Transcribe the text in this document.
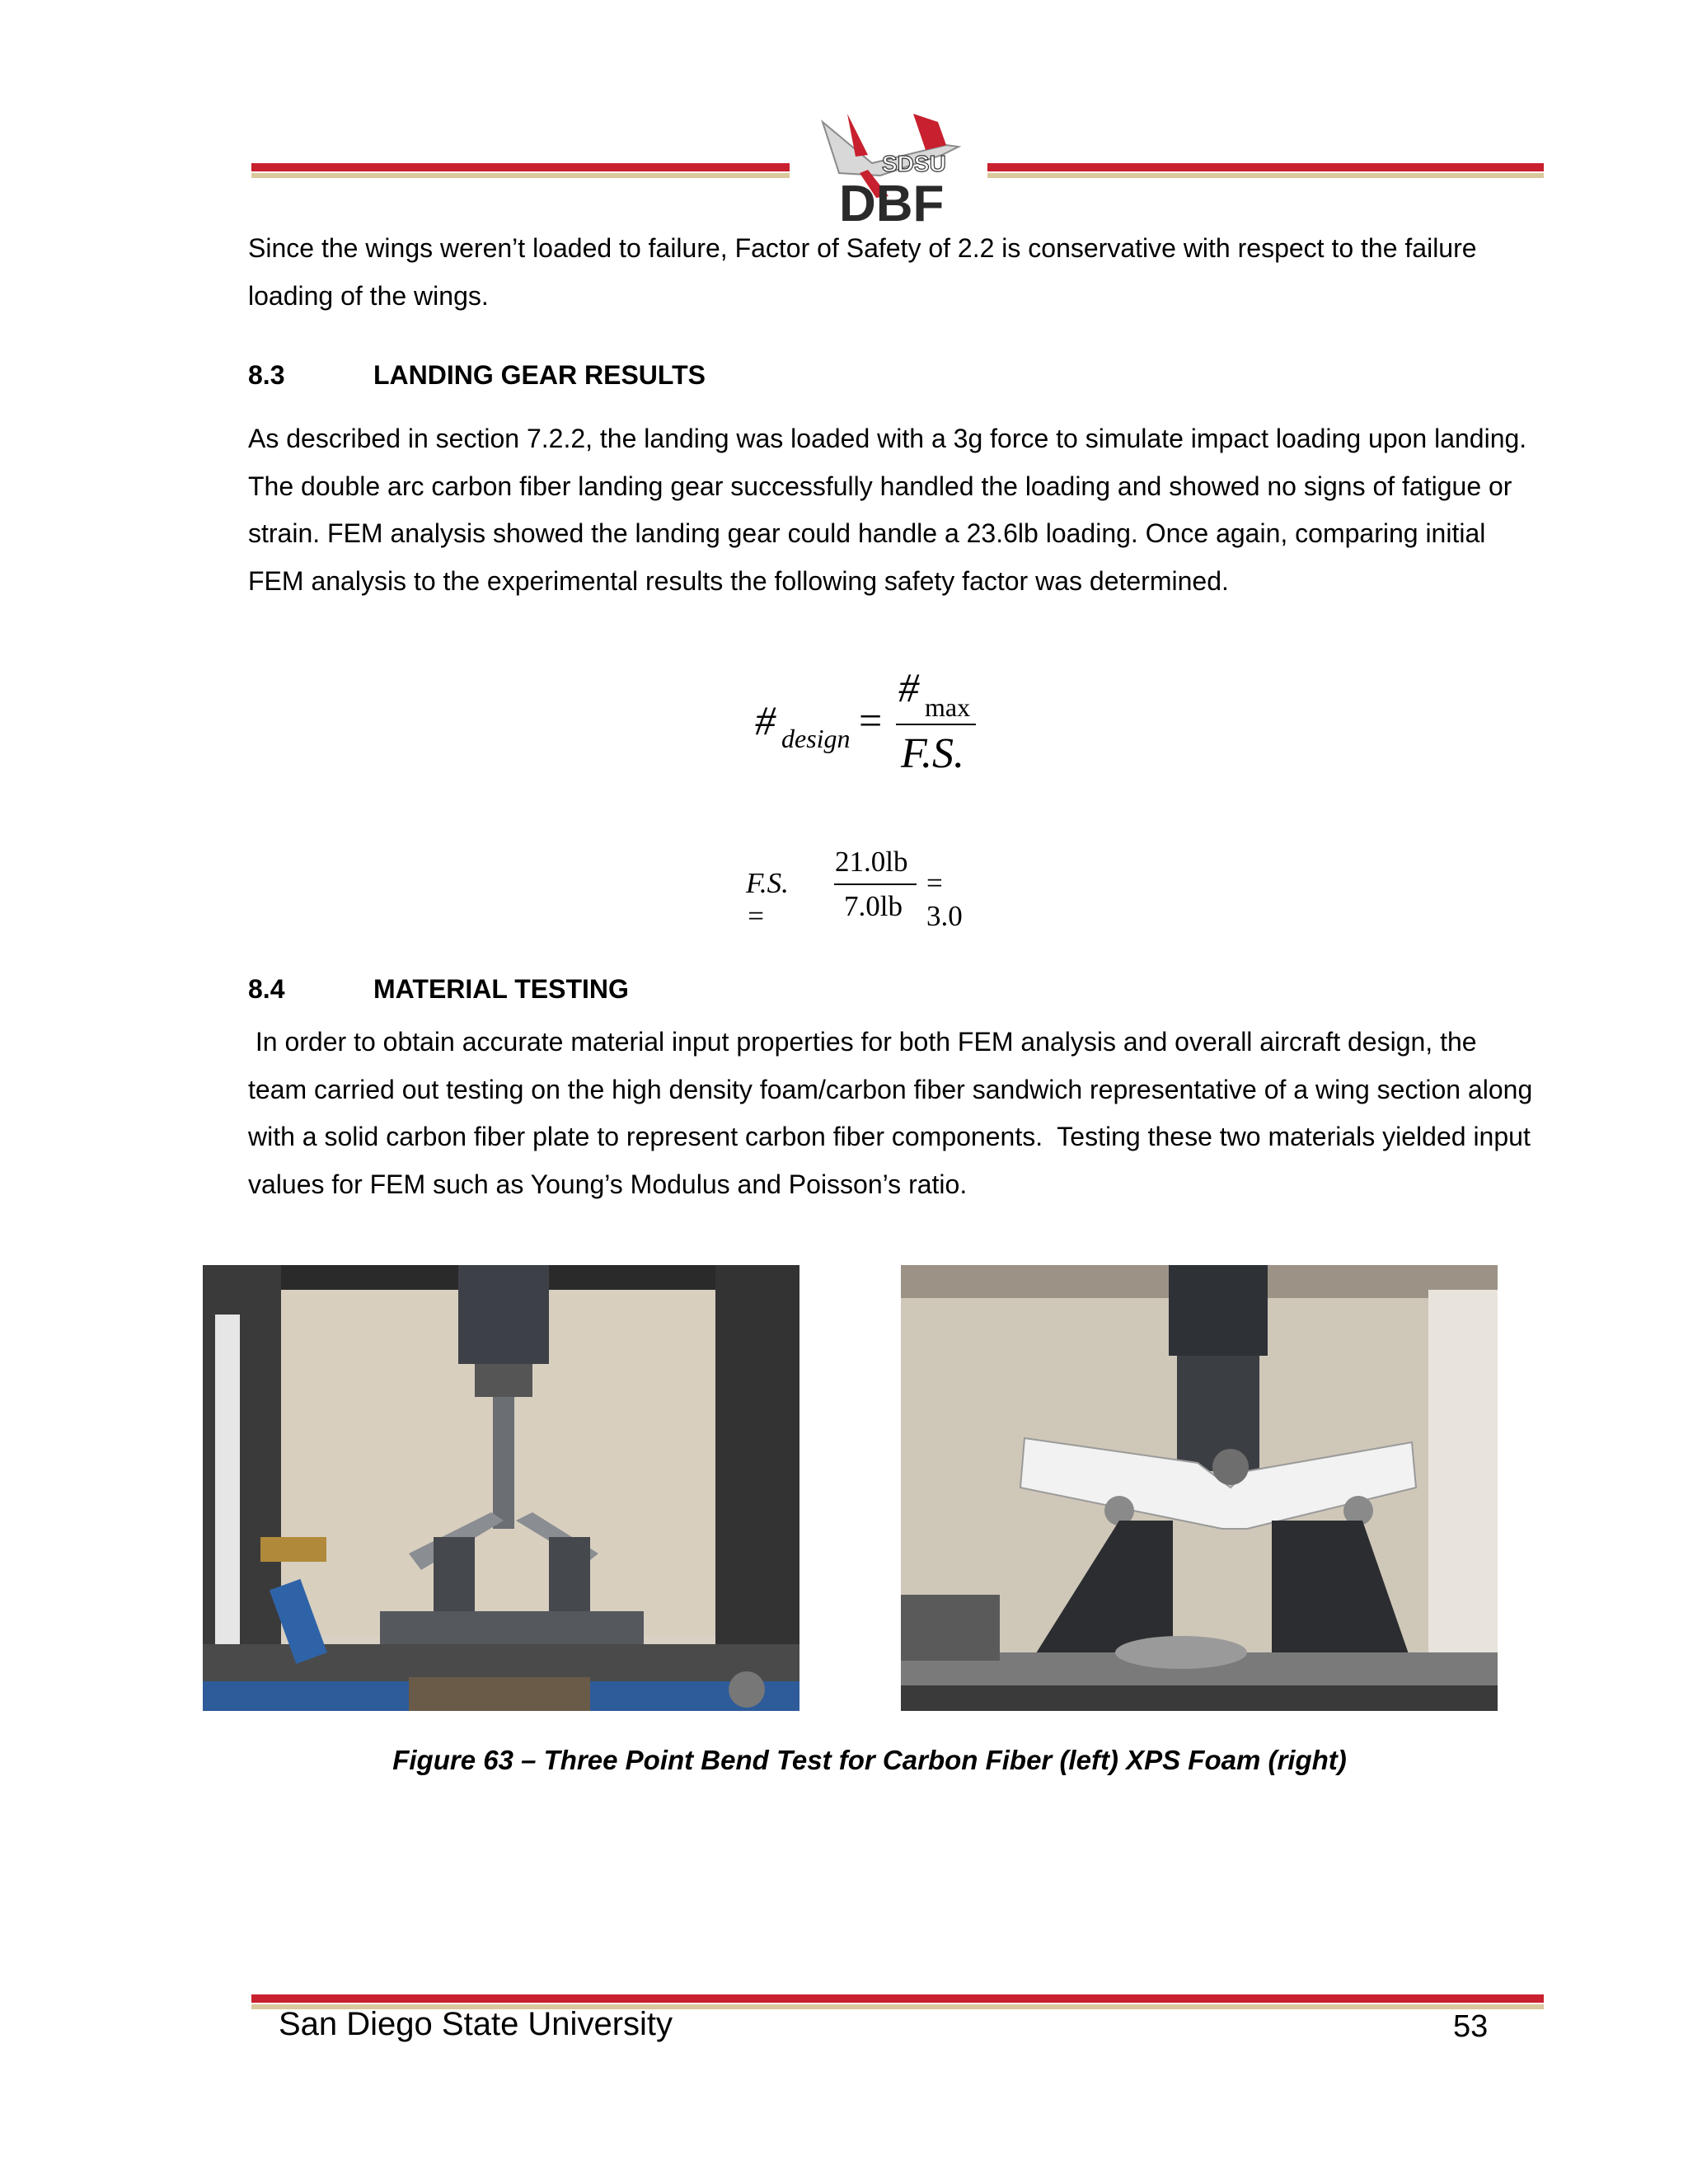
SDSU
DBF

Since the wings weren’t loaded to failure, Factor of Safety of 2.2 is conservative with respect to the failure loading of the wings.

8.3	LANDING GEAR RESULTS

As described in section 7.2.2, the landing was loaded with a 3g force to simulate impact loading upon landing. The double arc carbon fiber landing gear successfully handled the loading and showed no signs of fatigue or strain. FEM analysis showed the landing gear could handle a 23.6lb loading. Once again, comparing initial FEM analysis to the experimental results the following safety factor was determined.

# design =
# max
F.S.
F.S. =
21.0lb
7.0lb
= 3.0
8.4	MATERIAL TESTING

In order to obtain accurate material input properties for both FEM analysis and overall aircraft design, the team carried out testing on the high density foam/carbon fiber sandwich representative of a wing section along with a solid carbon fiber plate to represent carbon fiber components.  Testing these two materials yielded input values for FEM such as Young’s Modulus and Poisson’s ratio.

Figure 63 – Three Point Bend Test for Carbon Fiber (left) XPS Foam (right)
San Diego State University	53
